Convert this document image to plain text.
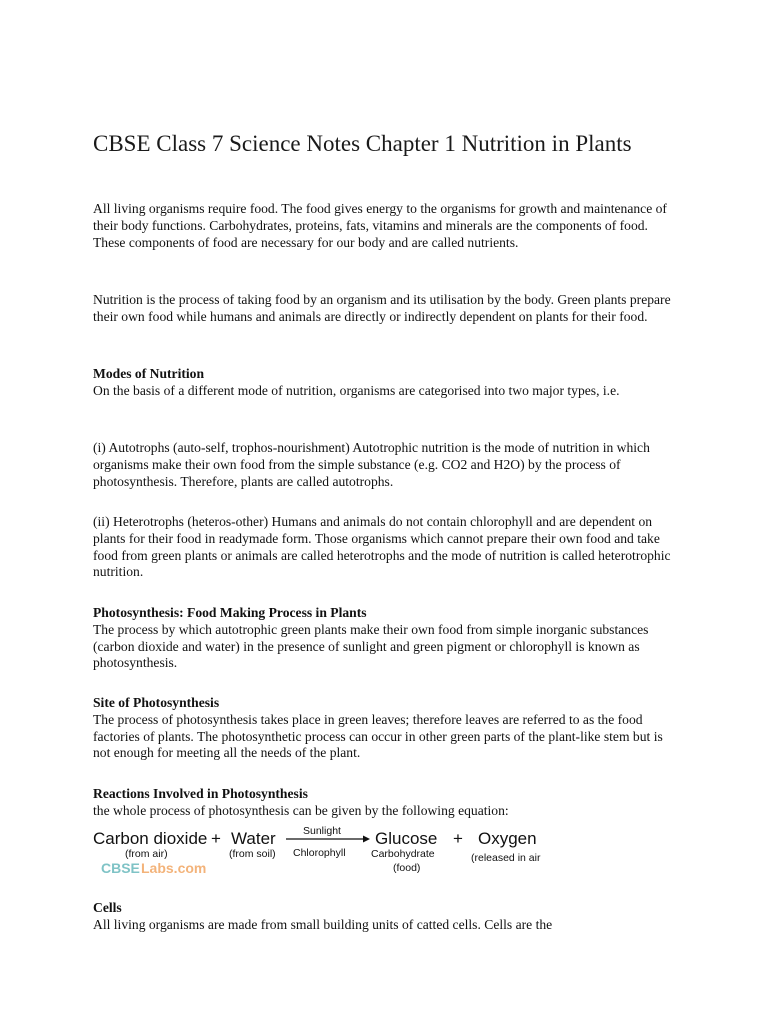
CBSE Class 7 Science Notes Chapter 1 Nutrition in Plants

All living organisms require food. The food gives energy to the organisms for growth and maintenance of their body functions. Carbohydrates, proteins, fats, vitamins and minerals are the components of food. These components of food are necessary for our body and are called nutrients.

Nutrition is the process of taking food by an organism and its utilisation by the body. Green plants prepare their own food while humans and animals are directly or indirectly dependent on plants for their food.

Modes of Nutrition
On the basis of a different mode of nutrition, organisms are categorised into two major types, i.e.

(i) Autotrophs (auto-self, trophos-nourishment) Autotrophic nutrition is the mode of nutrition in which organisms make their own food from the simple substance (e.g. CO2 and H2O) by the process of photosynthesis. Therefore, plants are called autotrophs.

(ii) Heterotrophs (heteros-other) Humans and animals do not contain chlorophyll and are dependent on plants for their food in readymade form. Those organisms which cannot prepare their own food and take food from green plants or animals are called heterotrophs and the mode of nutrition is called heterotrophic nutrition.

Photosynthesis: Food Making Process in Plants
The process by which autotrophic green plants make their own food from simple inorganic substances (carbon dioxide and water) in the presence of sunlight and green pigment or chlorophyll is known as photosynthesis.
Site of Photosynthesis
The process of photosynthesis takes place in green leaves; therefore leaves are referred to as the food factories of plants. The photosynthetic process can occur in other green parts of the plant-like stem but is not enough for meeting all the needs of the plant.
Reactions Involved in Photosynthesis
the whole process of photosynthesis can be given by the following equation:
Carbon dioxide
(from air)
+ Water
(from soil)
Sunlight
Chlorophyll
Glucose
Carbohydrate
(food)
+ Oxygen
(released in air
CBSE Labs.com
Cells
All living organisms are made from small building units of catted cells. Cells are the
